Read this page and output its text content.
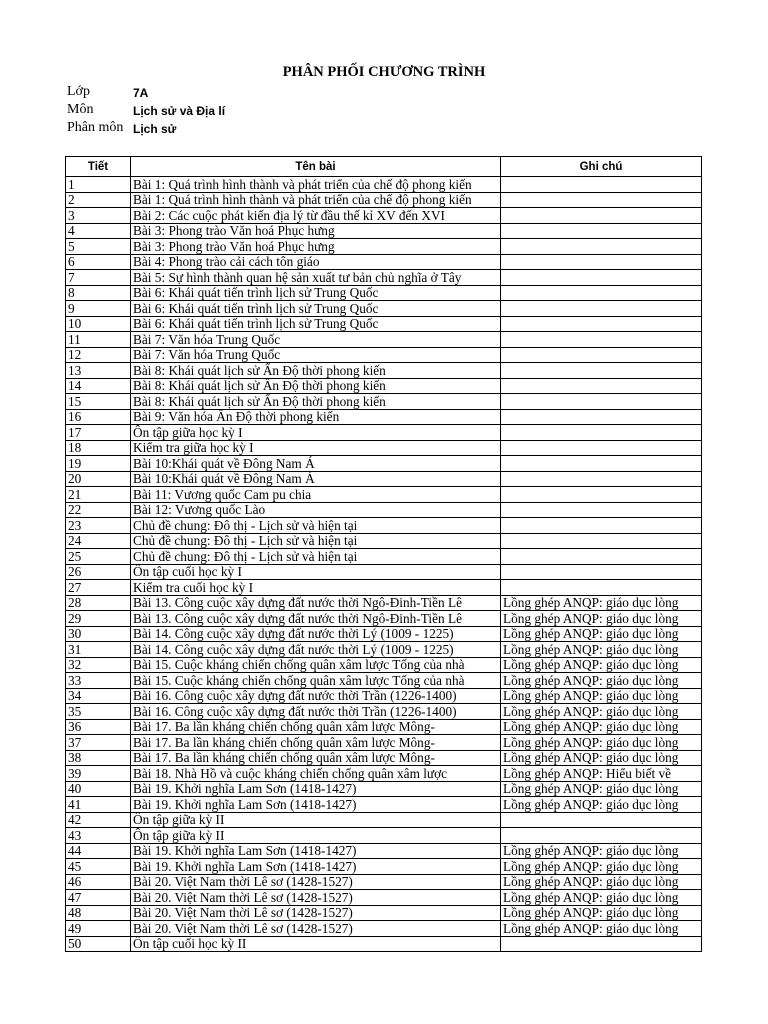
PHÂN PHỐI CHƯƠNG TRÌNH
Lớp	7A
Môn	Lịch sử và Địa lí
Phân môn Lịch sử
Tiết	Tên bài	Ghi chú
1	Bài 1: Quá trình hình thành và phát triển của chế độ phong kiến	
2	Bài 1: Quá trình hình thành và phát triển của chế độ phong kiến	
3	Bài 2: Các cuộc phát kiến địa lý từ đầu thế kỉ XV đến XVI	
4	Bài 3: Phong trào Văn hoá Phục hưng	
5	Bài 3: Phong trào Văn hoá Phục hưng	
6	Bài 4: Phong trào cải cách tôn giáo	
7	Bài 5: Sự hình thành quan hệ sản xuất tư bản chủ nghĩa ở Tây	
8	Bài 6: Khái quát tiến trình lịch sử Trung Quốc	
9	Bài 6: Khái quát tiến trình lịch sử Trung Quốc	
10	Bài 6: Khái quát tiến trình lịch sử Trung Quốc	
11	Bài 7: Văn hóa Trung Quốc	
12	Bài 7: Văn hóa Trung Quốc	
13	Bài 8: Khái quát lịch sử Ấn Độ thời phong kiến	
14	Bài 8: Khái quát lịch sử Ấn Độ thời phong kiến	
15	Bài 8: Khái quát lịch sử Ấn Độ thời phong kiến	
16	Bài 9: Văn hóa Ấn Độ thời phong kiến	
17	Ôn tập giữa học kỳ I	
18	Kiểm tra giữa học kỳ I	
19	Bài 10:Khái quát về Đông Nam Á	
20	Bài 10:Khái quát về Đông Nam Á	
21	Bài 11: Vương quốc Cam pu chia	
22	Bài 12: Vương quốc Lào	
23	Chủ đề chung: Đô thị - Lịch sử và hiện tại	
24	Chủ đề chung: Đô thị - Lịch sử và hiện tại	
25	Chủ đề chung: Đô thị - Lịch sử và hiện tại	
26	Ôn tập cuối học kỳ I	
27	Kiểm tra cuối học kỳ I	
28	Bài 13. Công cuộc xây dựng đất nước thời Ngô-Đinh-Tiền Lê	Lồng ghép ANQP: giáo dục lòng
29	Bài 13. Công cuộc xây dựng đất nước thời Ngô-Đinh-Tiền Lê	Lồng ghép ANQP: giáo dục lòng
30	Bài 14. Công cuộc xây dựng đất nước thời Lý (1009 - 1225)	Lồng ghép ANQP: giáo dục lòng
31	Bài 14. Công cuộc xây dựng đất nước thời Lý (1009 - 1225)	Lồng ghép ANQP: giáo dục lòng
32	Bài 15. Cuộc kháng chiến chống quân xâm lược Tống của nhà	Lồng ghép ANQP: giáo dục lòng
33	Bài 15. Cuộc kháng chiến chống quân xâm lược Tống của nhà	Lồng ghép ANQP: giáo dục lòng
34	Bài 16. Công cuộc xây dựng đất nước thời Trần (1226-1400)	Lồng ghép ANQP: giáo dục lòng
35	Bài 16. Công cuộc xây dựng đất nước thời Trần (1226-1400)	Lồng ghép ANQP: giáo dục lòng
36	Bài 17. Ba lần kháng chiến chống quân xâm lược Mông-	Lồng ghép ANQP: giáo dục lòng
37	Bài 17. Ba lần kháng chiến chống quân xâm lược Mông-	Lồng ghép ANQP: giáo dục lòng
38	Bài 17. Ba lần kháng chiến chống quân xâm lược Mông-	Lồng ghép ANQP: giáo dục lòng
39	Bài 18. Nhà Hồ và cuộc kháng chiến chống quân xâm lược	Lồng ghép ANQP: Hiểu biết về
40	Bài 19. Khởi nghĩa Lam Sơn (1418-1427)	Lồng ghép ANQP: giáo dục lòng
41	Bài 19. Khởi nghĩa Lam Sơn (1418-1427)	Lồng ghép ANQP: giáo dục lòng
42	Ôn tập giữa kỳ II	
43	Ôn tập giữa kỳ II	
44	Bài 19. Khởi nghĩa Lam Sơn (1418-1427)	Lồng ghép ANQP: giáo dục lòng
45	Bài 19. Khởi nghĩa Lam Sơn (1418-1427)	Lồng ghép ANQP: giáo dục lòng
46	Bài 20. Việt Nam thời Lê sơ (1428-1527)	Lồng ghép ANQP: giáo dục lòng
47	Bài 20. Việt Nam thời Lê sơ (1428-1527)	Lồng ghép ANQP: giáo dục lòng
48	Bài 20. Việt Nam thời Lê sơ (1428-1527)	Lồng ghép ANQP: giáo dục lòng
49	Bài 20. Việt Nam thời Lê sơ (1428-1527)	Lồng ghép ANQP: giáo dục lòng
50	Ôn tập cuối học kỳ II	
